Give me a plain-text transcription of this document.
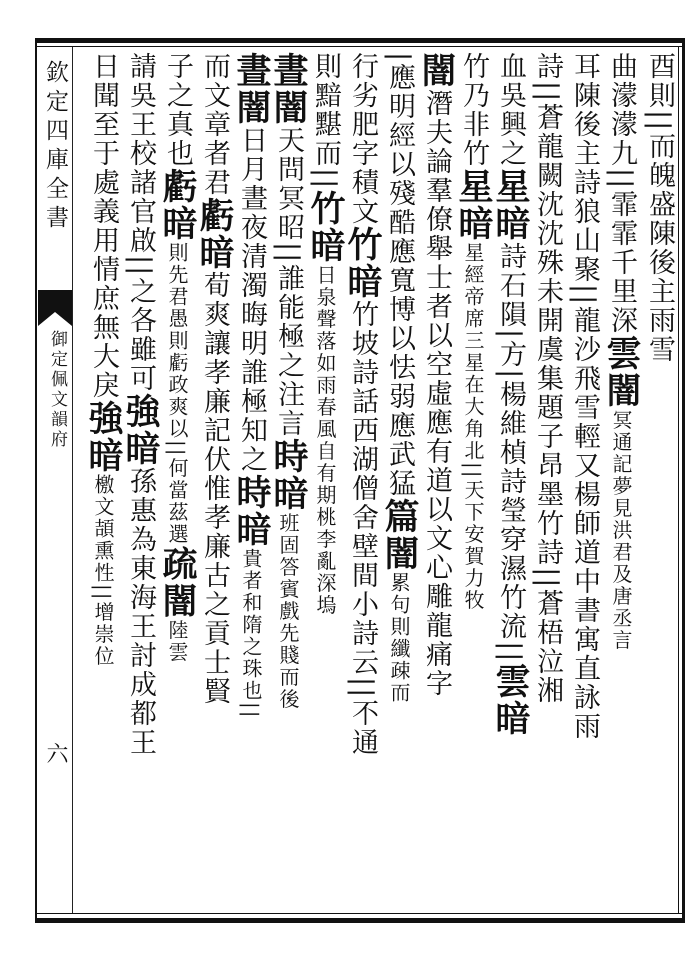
欽定四庫全書
御定佩文韻府
六
酉則||而魄盛陳後主雨雪
曲濛濛九||霏霏千里深雲闇冥通記夢見洪君及唐丞言
耳陳後主詩狼山聚||龍沙飛雪輕又楊師道中書寓直詠雨
詩||蒼龍闕沈沈殊未開虞集題子昂墨竹詩||蒼梧泣湘
血吳興之星暗詩石隕|方|楊維楨詩瑩穿濕竹流||雲暗
竹乃非竹星暗星經帝席三星在大角北||天下安賀力牧
闇潛夫論羣僚舉士者以空虛應有道以文心雕龍痛字
|應明經以殘酷應寬博以怯弱應武猛篇闇累句則纖疎而
行劣肥字積文竹暗竹坡詩話西湖僧舍壁間小詩云||不通
則黯黮而||竹暗日泉聲落如雨春風自有期桃李亂深塢
晝闇天問冥昭||誰能極之注言時暗班固答賓戲先賤而後
晝闇日月晝夜清濁晦明誰極知之時暗貴者和隋之珠也||
而文章者君虧暗荀爽讓孝廉記伏惟孝廉古之貢士賢
子之真也虧暗則先君愚則虧政爽以||何當茲選疏闇陸雲
請吳王校諸官啟||之各雖可強暗孫惠為東海王討成都王
日聞至于處義用情庶無大戾強暗檄文頡熏性||增崇位
